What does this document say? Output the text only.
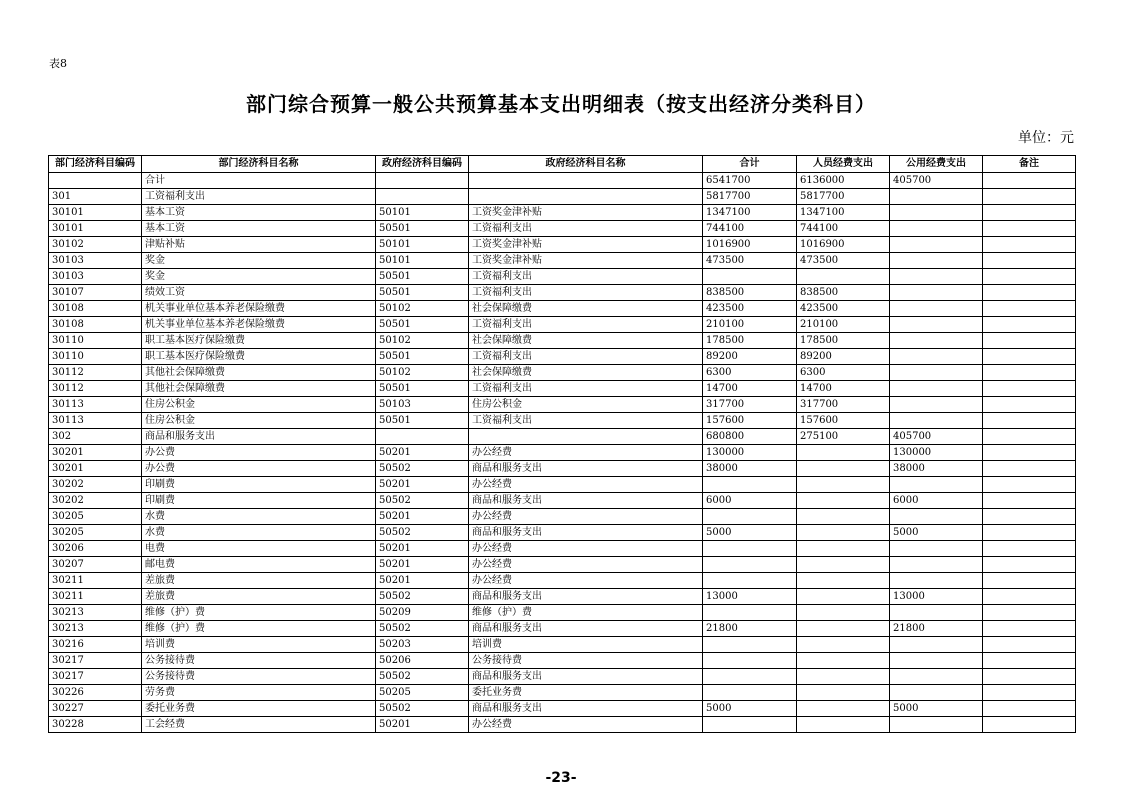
表8
部门综合预算一般公共预算基本支出明细表（按支出经济分类科目）
单位：元
部门经济科目编码	部门经济科目名称	政府经济科目编码	政府经济科目名称	合计	人员经费支出	公用经费支出	备注
	合计			6541700	6136000	405700	
301	工资福利支出			5817700	5817700		
30101	基本工资	50101	工资奖金津补贴	1347100	1347100		
30101	基本工资	50501	工资福利支出	744100	744100		
30102	津贴补贴	50101	工资奖金津补贴	1016900	1016900		
30103	奖金	50101	工资奖金津补贴	473500	473500		
30103	奖金	50501	工资福利支出				
30107	绩效工资	50501	工资福利支出	838500	838500		
30108	机关事业单位基本养老保险缴费	50102	社会保障缴费	423500	423500		
30108	机关事业单位基本养老保险缴费	50501	工资福利支出	210100	210100		
30110	职工基本医疗保险缴费	50102	社会保障缴费	178500	178500		
30110	职工基本医疗保险缴费	50501	工资福利支出	89200	89200		
30112	其他社会保障缴费	50102	社会保障缴费	6300	6300		
30112	其他社会保障缴费	50501	工资福利支出	14700	14700		
30113	住房公积金	50103	住房公积金	317700	317700		
30113	住房公积金	50501	工资福利支出	157600	157600		
302	商品和服务支出			680800	275100	405700	
30201	办公费	50201	办公经费	130000		130000	
30201	办公费	50502	商品和服务支出	38000		38000	
30202	印刷费	50201	办公经费				
30202	印刷费	50502	商品和服务支出	6000		6000	
30205	水费	50201	办公经费				
30205	水费	50502	商品和服务支出	5000		5000	
30206	电费	50201	办公经费				
30207	邮电费	50201	办公经费				
30211	差旅费	50201	办公经费				
30211	差旅费	50502	商品和服务支出	13000		13000	
30213	维修（护）费	50209	维修（护）费				
30213	维修（护）费	50502	商品和服务支出	21800		21800	
30216	培训费	50203	培训费				
30217	公务接待费	50206	公务接待费				
30217	公务接待费	50502	商品和服务支出				
30226	劳务费	50205	委托业务费				
30227	委托业务费	50502	商品和服务支出	5000		5000	
30228	工会经费	50201	办公经费				
-23-
